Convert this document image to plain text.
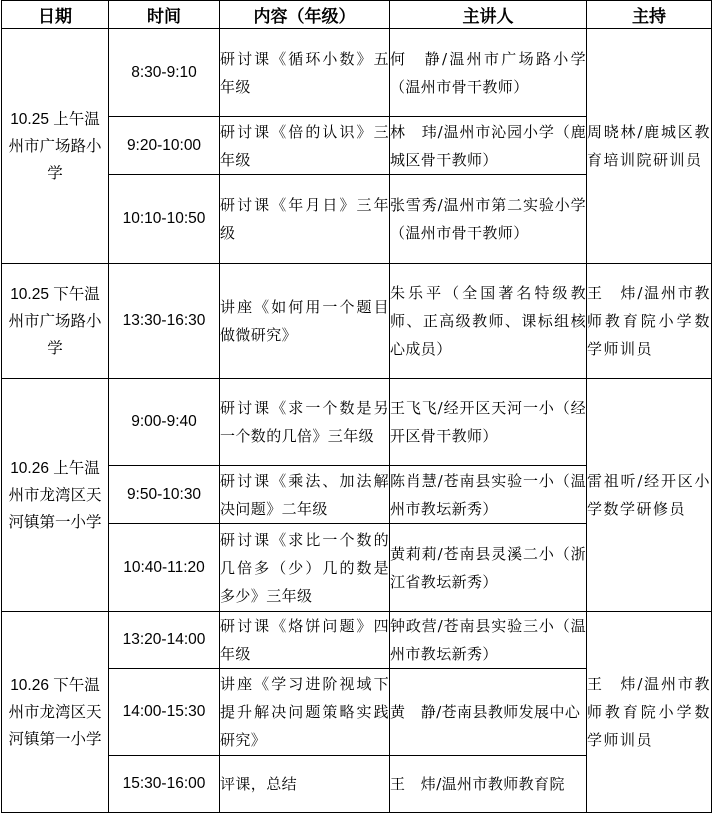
日期	时间	内容（年级）	主讲人	主持

10.25 上午温州市广场路小学	8:30-9:10	研讨课《循环小数》五年级	何　静/温州市广场路小学（温州市骨干教师）	周晓林/鹿城区教育培训院研训员
	9:20-10:00	研讨课《倍的认识》三年级	林　玮/温州市沁园小学（鹿城区骨干教师）	
	10:10-10:50	研讨课《年月日》三年级	张雪秀/温州市第二实验小学（温州市骨干教师）	

10.25 下午温州市广场路小学	13:30-16:30	讲座《如何用一个题目做微研究》	朱乐平（全国著名特级教师、正高级教师、课标组核心成员）	王　炜/温州市教师教育院小学数学师训员

10.26 上午温州市龙湾区天河镇第一小学	9:00-9:40	研讨课《求一个数是另一个数的几倍》三年级	王飞飞/经开区天河一小（经开区骨干教师）	雷祖听/经开区小学数学研修员
	9:50-10:30	研讨课《乘法、加法解决问题》二年级	陈肖慧/苍南县实验一小（温州市教坛新秀）	
	10:40-11:20	研讨课《求比一个数的几倍多（少）几的数是多少》三年级	黄莉莉/苍南县灵溪二小（浙江省教坛新秀）	

10.26 下午温州市龙湾区天河镇第一小学	13:20-14:00	研讨课《烙饼问题》四年级	钟政营/苍南县实验三小（温州市教坛新秀）	王　炜/温州市教师教育院小学数学师训员
	14:00-15:30	讲座《学习进阶视域下提升解决问题策略实践研究》	黄　静/苍南县教师发展中心	
	15:30-16:00	评课，总结	王　炜/温州市教师教育院	
